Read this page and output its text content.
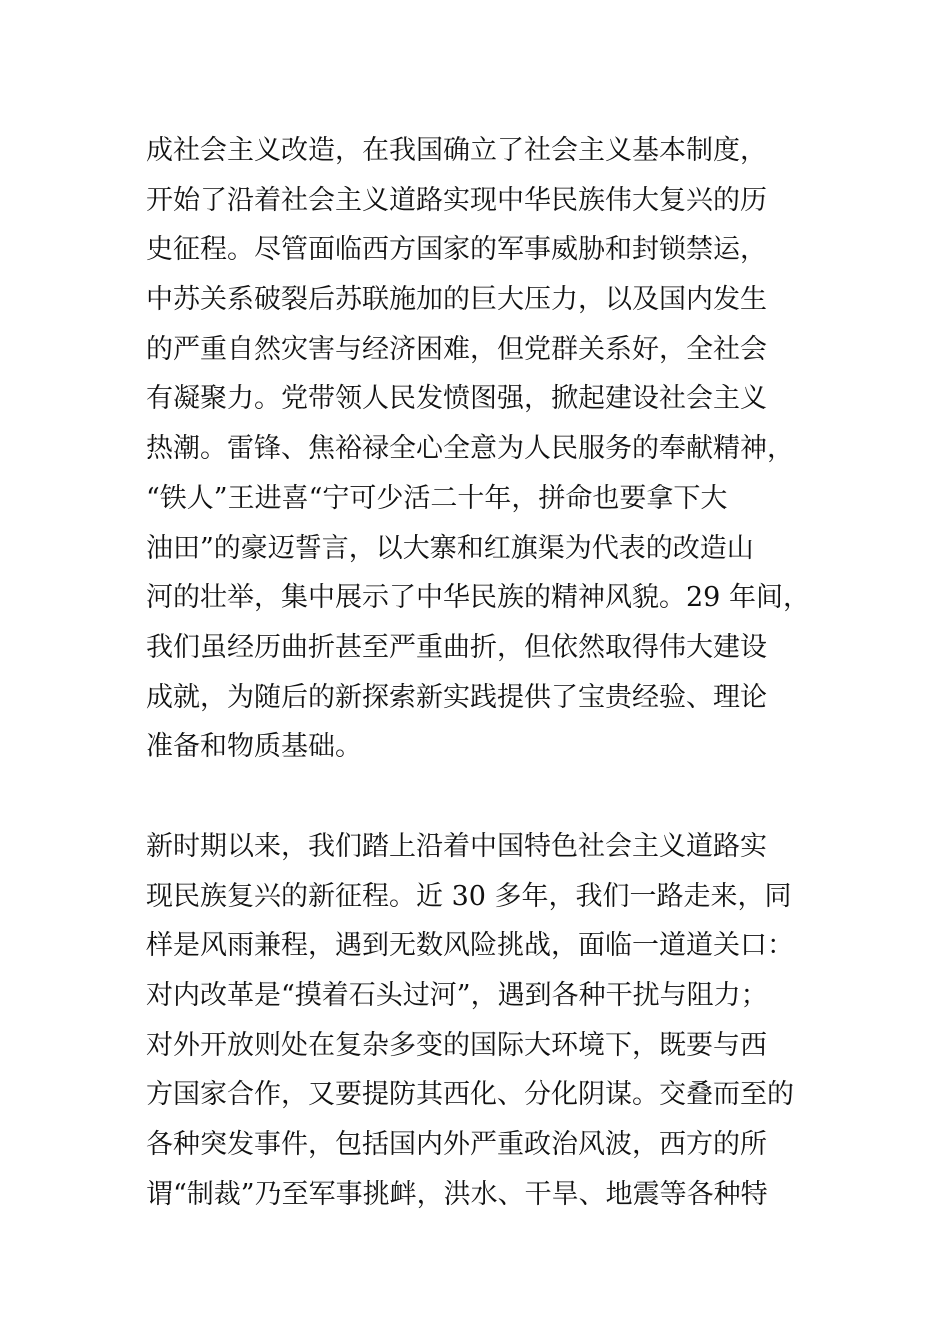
成社会主义改造，在我国确立了社会主义基本制度，
开始了沿着社会主义道路实现中华民族伟大复兴的历
史征程。尽管面临西方国家的军事威胁和封锁禁运，
中苏关系破裂后苏联施加的巨大压力，以及国内发生
的严重自然灾害与经济困难，但党群关系好，全社会
有凝聚力。党带领人民发愤图强，掀起建设社会主义
热潮。雷锋、焦裕禄全心全意为人民服务的奉献精神，
“铁人”王进喜“宁可少活二十年，拼命也要拿下大
油田”的豪迈誓言，以大寨和红旗渠为代表的改造山
河的壮举，集中展示了中华民族的精神风貌。29 年间，
我们虽经历曲折甚至严重曲折，但依然取得伟大建设
成就，为随后的新探索新实践提供了宝贵经验、理论
准备和物质基础。
新时期以来，我们踏上沿着中国特色社会主义道路实
现民族复兴的新征程。近 30 多年，我们一路走来，同
样是风雨兼程，遇到无数风险挑战，面临一道道关口：
对内改革是“摸着石头过河”，遇到各种干扰与阻力；
对外开放则处在复杂多变的国际大环境下，既要与西
方国家合作，又要提防其西化、分化阴谋。交叠而至的
各种突发事件，包括国内外严重政治风波，西方的所
谓“制裁”乃至军事挑衅，洪水、干旱、地震等各种特
